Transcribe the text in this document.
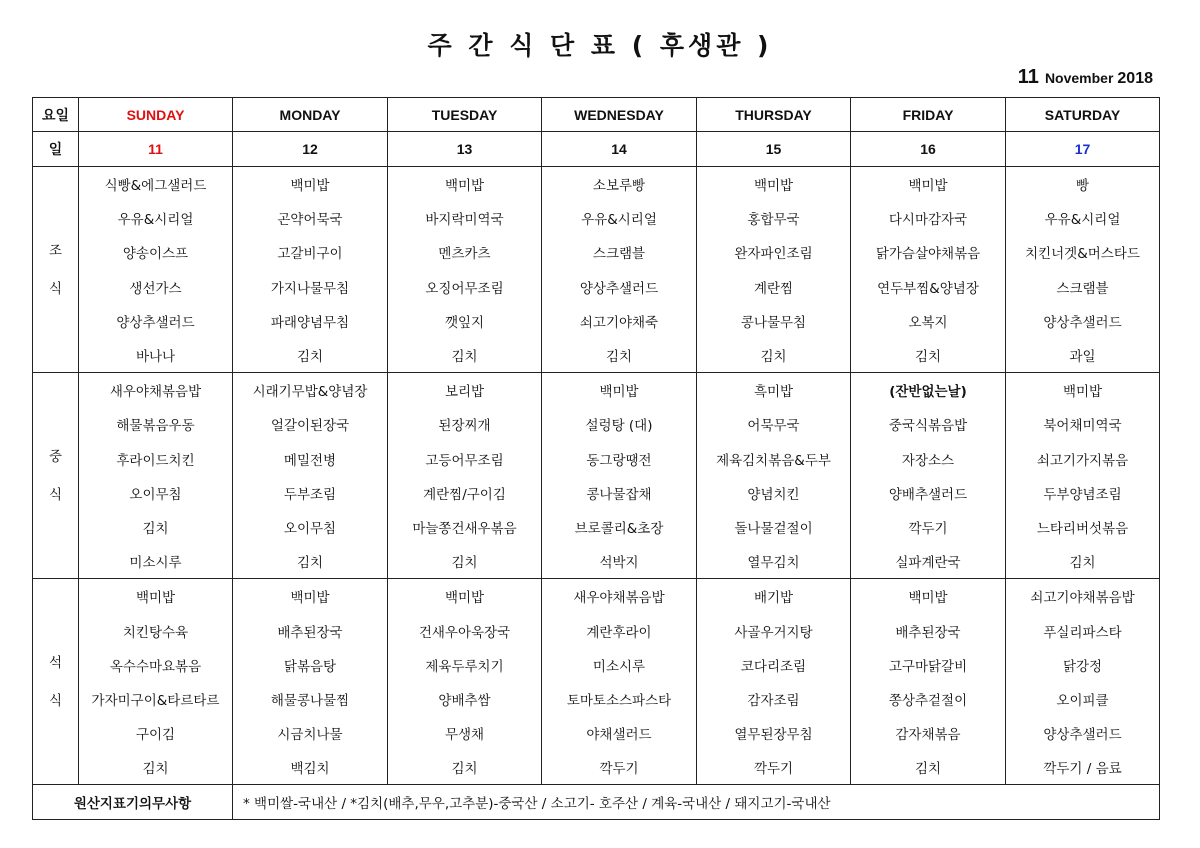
주 간 식 단 표 ( 후생관 )
11 November 2018
요일	SUNDAY	MONDAY	TUESDAY	WEDNESDAY	THURSDAY	FRIDAY	SATURDAY
일	11	12	13	14	15	16	17

조
식	식빵&에그샐러드	백미밥	백미밥	소보루빵	백미밥	백미밥	빵
	우유&시리얼	곤약어묵국	바지락미역국	우유&시리얼	홍합무국	다시마감자국	우유&시리얼
	양송이스프	고갈비구이	멘츠카츠	스크램블	완자파인조림	닭가슴살야채볶음	치킨너겟&머스타드
	생선가스	가지나물무침	오징어무조림	양상추샐러드	계란찜	연두부찜&양념장	스크램블
	양상추샐러드	파래양념무침	깻잎지	쇠고기야채죽	콩나물무침	오복지	양상추샐러드
	바나나	김치	김치	김치	김치	김치	과일

중
식	새우야채볶음밥	시래기무밥&양념장	보리밥	백미밥	흑미밥	(잔반없는날)	백미밥
	해물볶음우동	얼갈이된장국	된장찌개	설렁탕 (대)	어묵무국	중국식볶음밥	북어채미역국
	후라이드치킨	메밀전병	고등어무조림	동그랑땡전	제육김치볶음&두부	자장소스	쇠고기가지볶음
	오이무침	두부조림	계란찜/구이김	콩나물잡채	양념치킨	양배추샐러드	두부양념조림
	김치	오이무침	마늘쫑건새우볶음	브로콜리&초장	돌나물겉절이	깍두기	느타리버섯볶음
	미소시루	김치	김치	석박지	열무김치	실파계란국	김치

석
식	백미밥	백미밥	백미밥	새우야채볶음밥	배기밥	백미밥	쇠고기야채볶음밥
	치킨탕수육	배추된장국	건새우아욱장국	계란후라이	사골우거지탕	배추된장국	푸실리파스타
	옥수수마요볶음	닭볶음탕	제육두루치기	미소시루	코다리조림	고구마닭갈비	닭강정
	가자미구이&타르타르	해물콩나물찜	양배추쌈	토마토소스파스타	감자조림	쫑상추겉절이	오이피클
	구이김	시금치나물	무생채	야채샐러드	열무된장무침	감자채볶음	양상추샐러드
	김치	백김치	김치	깍두기	깍두기	김치	깍두기 / 음료
원산지표기의무사항		* 백미쌀-국내산 / *김치(배추,무우,고추분)-중국산 / 소고기- 호주산 / 계육-국내산 / 돼지고기-국내산					
